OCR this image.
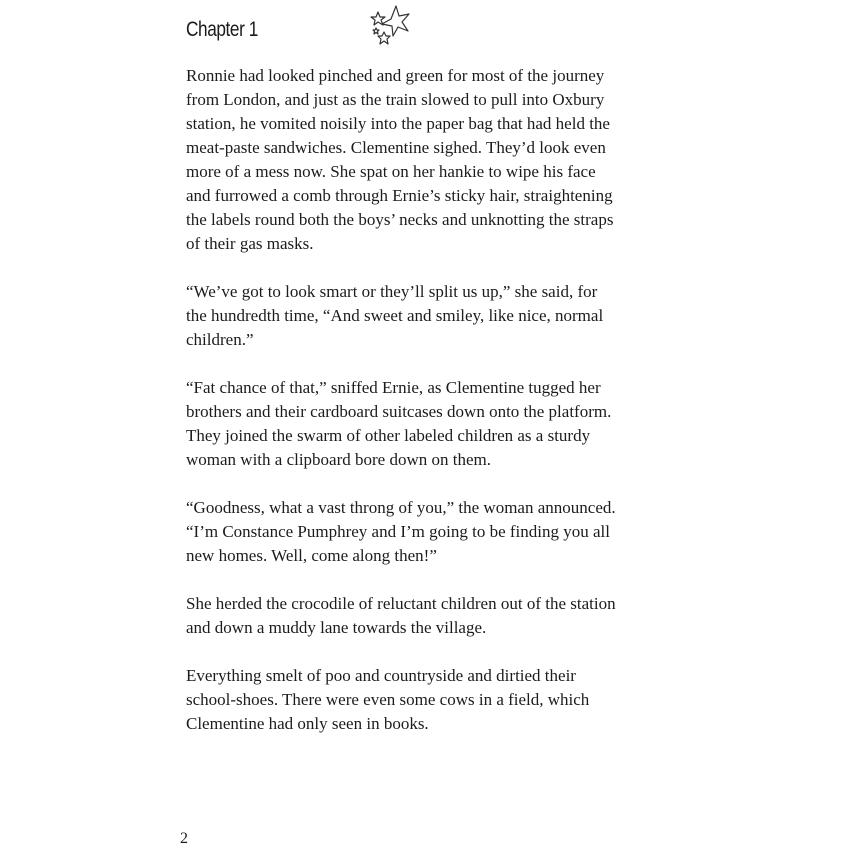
Chapter 1

Ronnie had looked pinched and green for most of the journey
from London, and just as the train slowed to pull into Oxbury
station, he vomited noisily into the paper bag that had held the
meat-paste sandwiches. Clementine sighed. They’d look even
more of a mess now. She spat on her hankie to wipe his face
and furrowed a comb through Ernie’s sticky hair, straightening
the labels round both the boys’ necks and unknotting the straps
of their gas masks.

“We’ve got to look smart or they’ll split us up,” she said, for
the hundredth time, “And sweet and smiley, like nice, normal
children.”

“Fat chance of that,” sniffed Ernie, as Clementine tugged her
brothers and their cardboard suitcases down onto the platform.
They joined the swarm of other labeled children as a sturdy
woman with a clipboard bore down on them.

“Goodness, what a vast throng of you,” the woman announced.
“I’m Constance Pumphrey and I’m going to be finding you all
new homes. Well, come along then!”

She herded the crocodile of reluctant children out of the station
and down a muddy lane towards the village.

Everything smelt of poo and countryside and dirtied their
school-shoes. There were even some cows in a field, which
Clementine had only seen in books.

2
